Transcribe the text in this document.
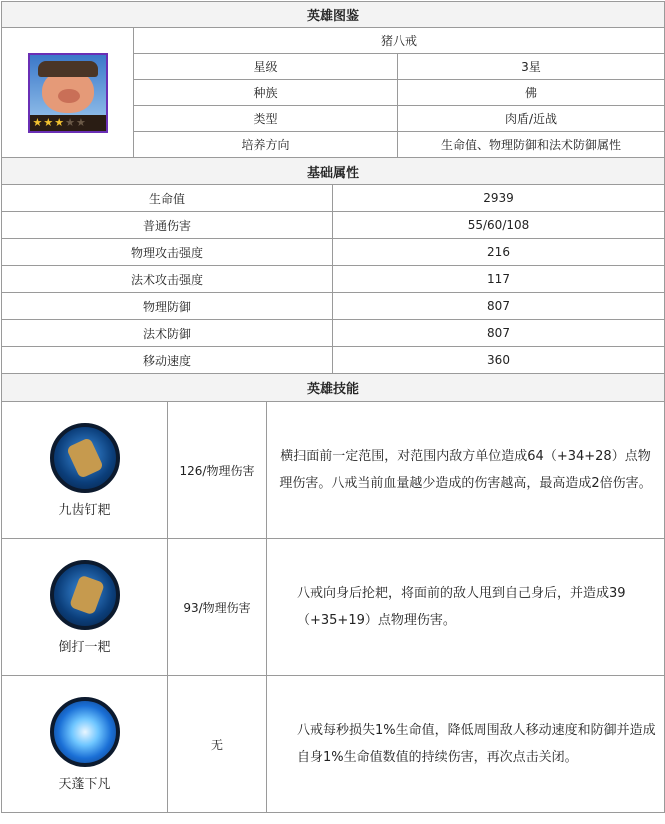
英雄图鉴		

★★★★★	猪八戒	
	星级	3星
	种族	佛
	类型	肉盾/近战
	培养方向	生命值、物理防御和法术防御属性
基础属性	
生命值	2939
普通伤害	55/60/108
物理攻击强度	216
法术攻击强度	117
物理防御	807
法术防御	807
移动速度	360
英雄技能		

九齿钉耙	126/物理伤害	横扫面前一定范围，对范围内敌方单位造成64（+34+28）点物理伤害。八戒当前血量越少造成的伤害越高，最高造成2倍伤害。

倒打一耙	93/物理伤害	八戒向身后抡耙，将面前的敌人甩到自己身后，并造成39（+35+19）点物理伤害。

天蓬下凡	无	八戒每秒损失1%生命值，降低周围敌人移动速度和防御并造成自身1%生命值数值的持续伤害，再次点击关闭。
